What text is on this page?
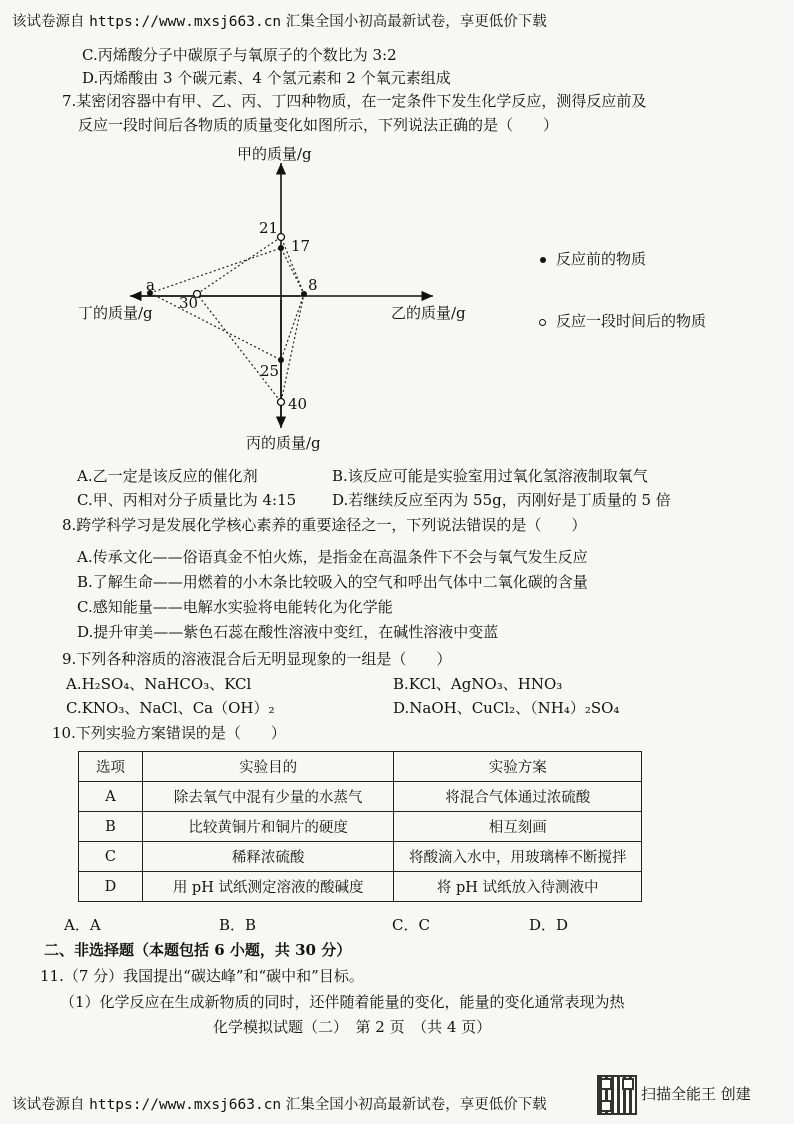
该试卷源自 https://www.mxsj663.cn 汇集全国小初高最新试卷，享更低价下载
C.丙烯酸分子中碳原子与氧原子的个数比为 3:2
D.丙烯酸由 3 个碳元素、4 个氢元素和 2 个氧元素组成
7.某密闭容器中有甲、乙、丙、丁四种物质，在一定条件下发生化学反应，测得反应前及
反应一段时间后各物质的质量变化如图所示，下列说法正确的是（　　）
甲的质量/g
乙的质量/g
丙的质量/g
丁的质量/g
21
17
8
a
30
25
40
反应前的物质
反应一段时间后的物质
A.乙一定是该反应的催化剂	B.该反应可能是实验室用过氧化氢溶液制取氧气
C.甲、丙相对分子质量比为 4:15 D.若继续反应至丙为 55g，丙刚好是丁质量的 5 倍
8.跨学科学习是发展化学核心素养的重要途径之一，下列说法错误的是（　　）
A.传承文化——俗语真金不怕火炼，是指金在高温条件下不会与氧气发生反应
B.了解生命——用燃着的小木条比较吸入的空气和呼出气体中二氧化碳的含量
C.感知能量——电解水实验将电能转化为化学能
D.提升审美——紫色石蕊在酸性溶液中变红，在碱性溶液中变蓝
9.下列各种溶质的溶液混合后无明显现象的一组是（　　）
A.H₂SO₄、NaHCO₃、KCl	B.KCl、AgNO₃、HNO₃
C.KNO₃、NaCl、Ca（OH）₂	D.NaOH、CuCl₂、（NH₄）₂SO₄
10.下列实验方案错误的是（　　）
选项	实验目的	实验方案
A	除去氧气中混有少量的水蒸气	将混合气体通过浓硫酸
B	比较黄铜片和铜片的硬度	相互刻画
C	稀释浓硫酸	将酸滴入水中，用玻璃棒不断搅拌
D	用 pH 试纸测定溶液的酸碱度	将 pH 试纸放入待测液中
A．A	B．B	C．C	D．D
二、非选择题（本题包括 6 小题，共 30 分）
11.（7 分）我国提出“碳达峰”和“碳中和”目标。
（1）化学反应在生成新物质的同时，还伴随着能量的变化，能量的变化通常表现为热
化学模拟试题（二）　第 2 页　（共 4 页）
该试卷源自 https://www.mxsj663.cn 汇集全国小初高最新试卷，享更低价下载
扫描全能王 创建
